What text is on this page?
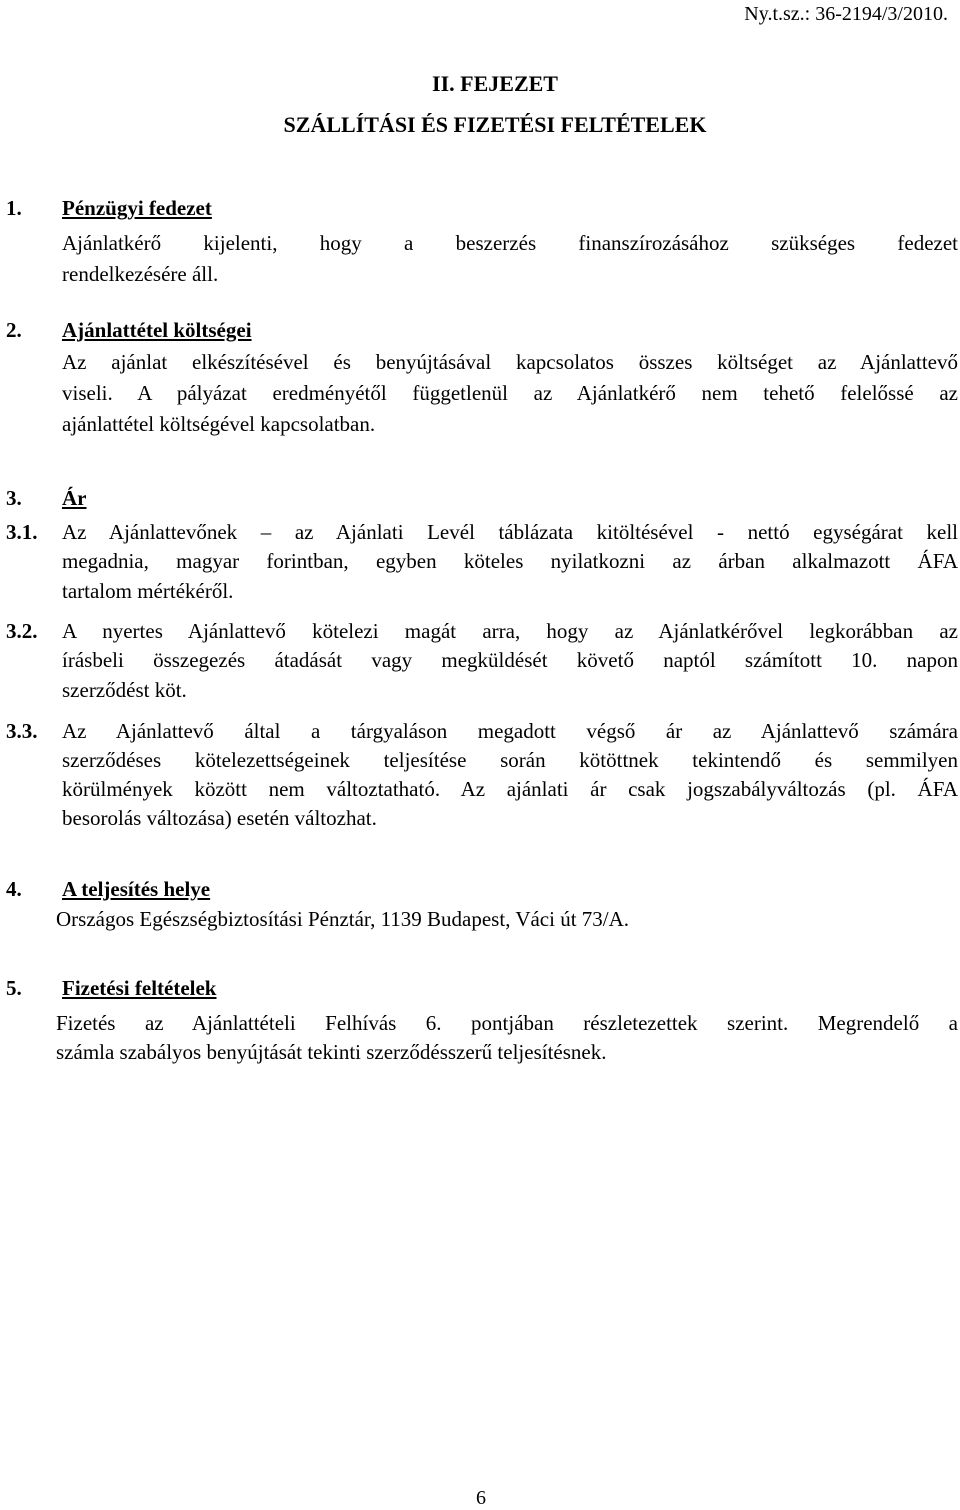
Ny.t.sz.: 36-2194/3/2010.
II. FEJEZET
SZÁLLÍTÁSI ÉS FIZETÉSI FELTÉTELEK
1. Pénzügyi fedezet
Ajánlatkérő kijelenti, hogy a beszerzés finanszírozásához szükséges fedezet
rendelkezésére áll.
2. Ajánlattétel költségei
Az ajánlat elkészítésével és benyújtásával kapcsolatos összes költséget az Ajánlattevő
viseli. A pályázat eredményétől függetlenül az Ajánlatkérő nem tehető felelőssé az
ajánlattétel költségével kapcsolatban.
3. Ár
3.1. Az Ajánlattevőnek – az Ajánlati Levél táblázata kitöltésével - nettó egységárat kell
megadnia, magyar forintban, egyben köteles nyilatkozni az árban alkalmazott ÁFA
tartalom mértékéről.
3.2. A nyertes Ajánlattevő kötelezi magát arra, hogy az Ajánlatkérővel legkorábban az
írásbeli összegezés átadását vagy megküldését követő naptól számított 10. napon
szerződést köt.
3.3. Az Ajánlattevő által a tárgyaláson megadott végső ár az Ajánlattevő számára
szerződéses kötelezettségeinek teljesítése során kötöttnek tekintendő és semmilyen
körülmények között nem változtatható. Az ajánlati ár csak jogszabályváltozás (pl. ÁFA
besorolás változása) esetén változhat.
4. A teljesítés helye
Országos Egészségbiztosítási Pénztár, 1139 Budapest, Váci út 73/A.
5. Fizetési feltételek
Fizetés az Ajánlattételi Felhívás 6. pontjában részletezettek szerint. Megrendelő a
számla szabályos benyújtását tekinti szerződésszerű teljesítésnek.
6
